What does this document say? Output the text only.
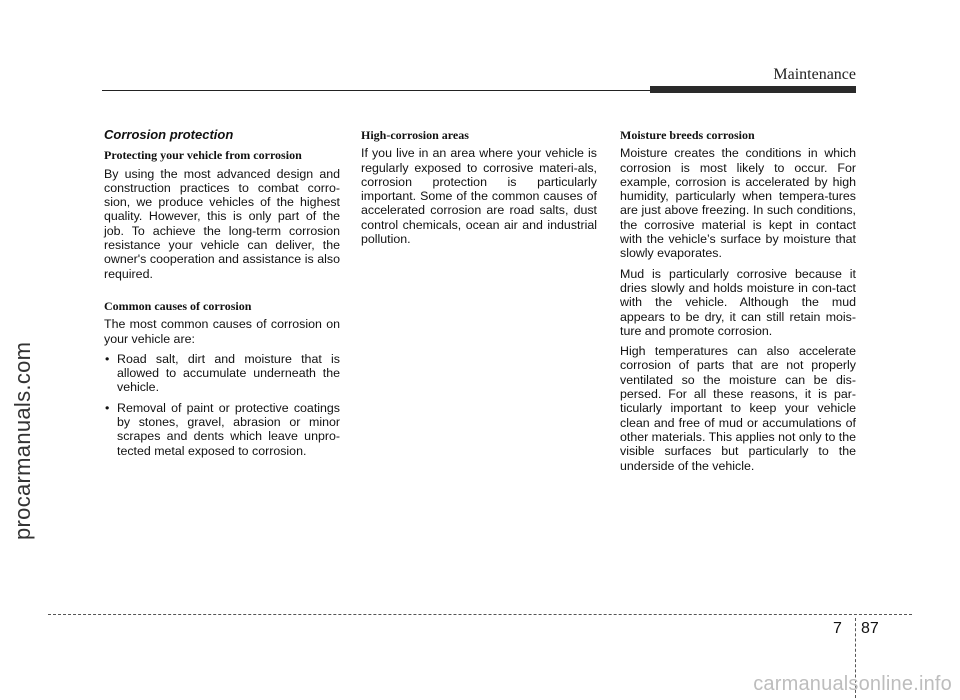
Maintenance
procarmanuals.com
Corrosion protection
Protecting your vehicle from corrosion

By using the most advanced design and construction practices to combat corro-sion, we produce vehicles of the highest quality. However, this is only part of the job. To achieve the long-term corrosion resistance your vehicle can deliver, the owner's cooperation and assistance is also required.

Common causes of corrosion

The most common causes of corrosion on your vehicle are:

• Road salt, dirt and moisture that is allowed to accumulate underneath the vehicle.
• Removal of paint or protective coatings by stones, gravel, abrasion or minor scrapes and dents which leave unpro-tected metal exposed to corrosion.
High-corrosion areas

If you live in an area where your vehicle is regularly exposed to corrosive materi-als, corrosion protection is particularly important. Some of the common causes of accelerated corrosion are road salts, dust control chemicals, ocean air and industrial pollution.

Moisture breeds corrosion

Moisture creates the conditions in which corrosion is most likely to occur. For example, corrosion is accelerated by high humidity, particularly when tempera-tures are just above freezing. In such conditions, the corrosive material is kept in contact with the vehicle’s surface by moisture that slowly evaporates.

Mud is particularly corrosive because it dries slowly and holds moisture in con-tact with the vehicle. Although the mud appears to be dry, it can still retain mois-ture and promote corrosion.

High temperatures can also accelerate corrosion of parts that are not properly ventilated so the moisture can be dis-persed. For all these reasons, it is par-ticularly important to keep your vehicle clean and free of mud or accumulations of other materials. This applies not only to the visible surfaces but particularly to the underside of the vehicle.

7 87
carmanualsonline.info
